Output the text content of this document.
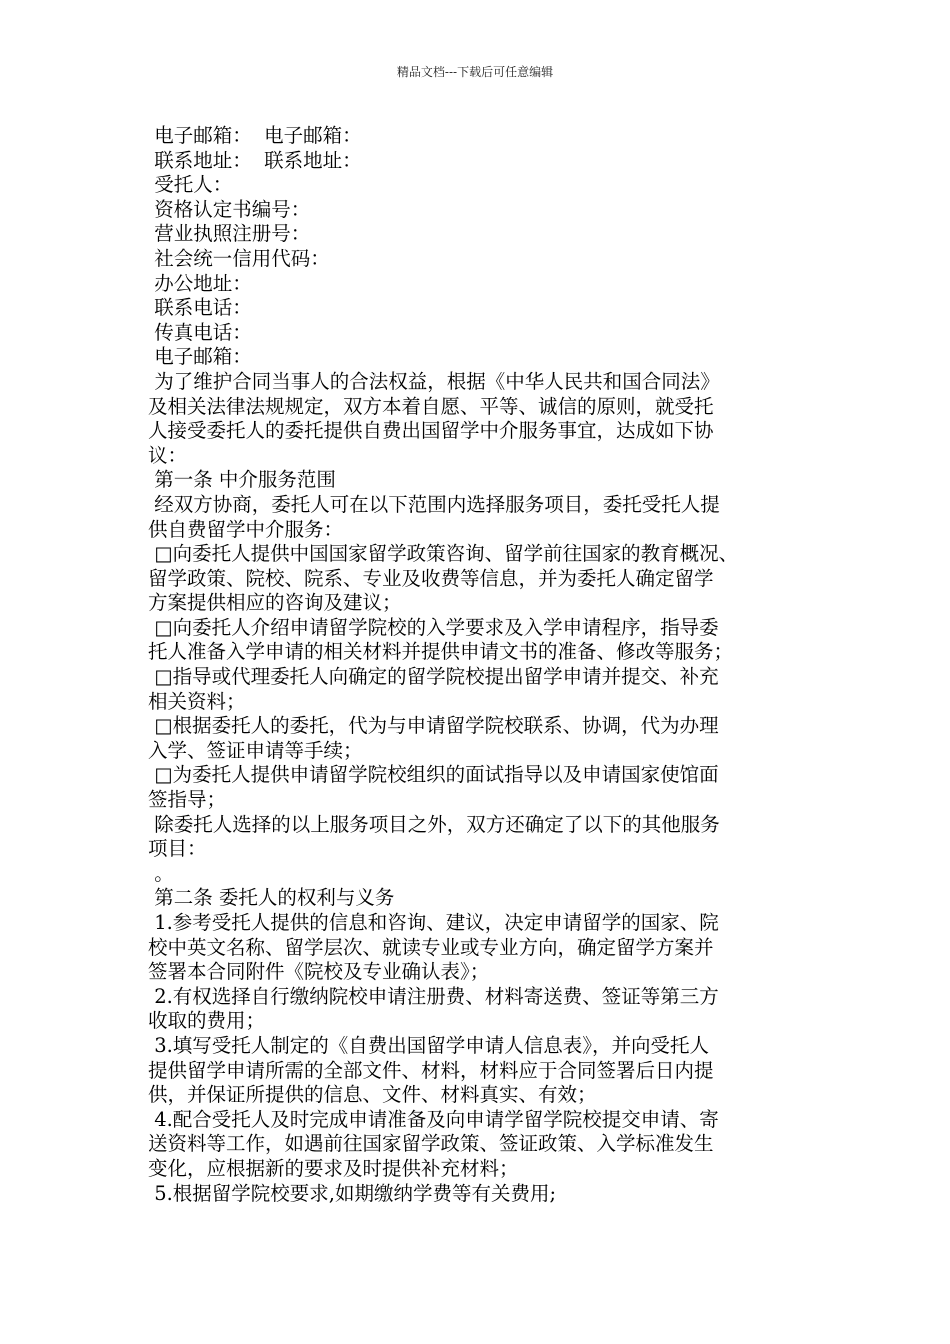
精品文档---下载后可任意编辑
电子邮箱：  电子邮箱：
联系地址：  联系地址：
受托人：
资格认定书编号：
营业执照注册号：
社会统一信用代码：
办公地址：
联系电话：
传真电话：
电子邮箱：
为了维护合同当事人的合法权益，根据《中华人民共和国合同法》
及相关法律法规规定，双方本着自愿、平等、诚信的原则，就受托
人接受委托人的委托提供自费出国留学中介服务事宜，达成如下协
议：
第一条 中介服务范围
经双方协商，委托人可在以下范围内选择服务项目，委托受托人提
供自费留学中介服务：
□向委托人提供中国国家留学政策咨询、留学前往国家的教育概况、
留学政策、院校、院系、专业及收费等信息，并为委托人确定留学
方案提供相应的咨询及建议；
□向委托人介绍申请留学院校的入学要求及入学申请程序，指导委
托人准备入学申请的相关材料并提供申请文书的准备、修改等服务；
□指导或代理委托人向确定的留学院校提出留学申请并提交、补充
相关资料；
□根据委托人的委托，代为与申请留学院校联系、协调，代为办理
入学、签证申请等手续；
□为委托人提供申请留学院校组织的面试指导以及申请国家使馆面
签指导；
除委托人选择的以上服务项目之外，双方还确定了以下的其他服务
项目：
。
第二条 委托人的权利与义务
1.参考受托人提供的信息和咨询、建议，决定申请留学的国家、院
校中英文名称、留学层次、就读专业或专业方向，确定留学方案并
签署本合同附件《院校及专业确认表》；
2.有权选择自行缴纳院校申请注册费、材料寄送费、签证等第三方
收取的费用；
3.填写受托人制定的《自费出国留学申请人信息表》，并向受托人
提供留学申请所需的全部文件、材料，材料应于合同签署后日内提
供，并保证所提供的信息、文件、材料真实、有效；
4.配合受托人及时完成申请准备及向申请学留学院校提交申请、寄
送资料等工作，如遇前往国家留学政策、签证政策、入学标准发生
变化，应根据新的要求及时提供补充材料；
5.根据留学院校要求,如期缴纳学费等有关费用;
